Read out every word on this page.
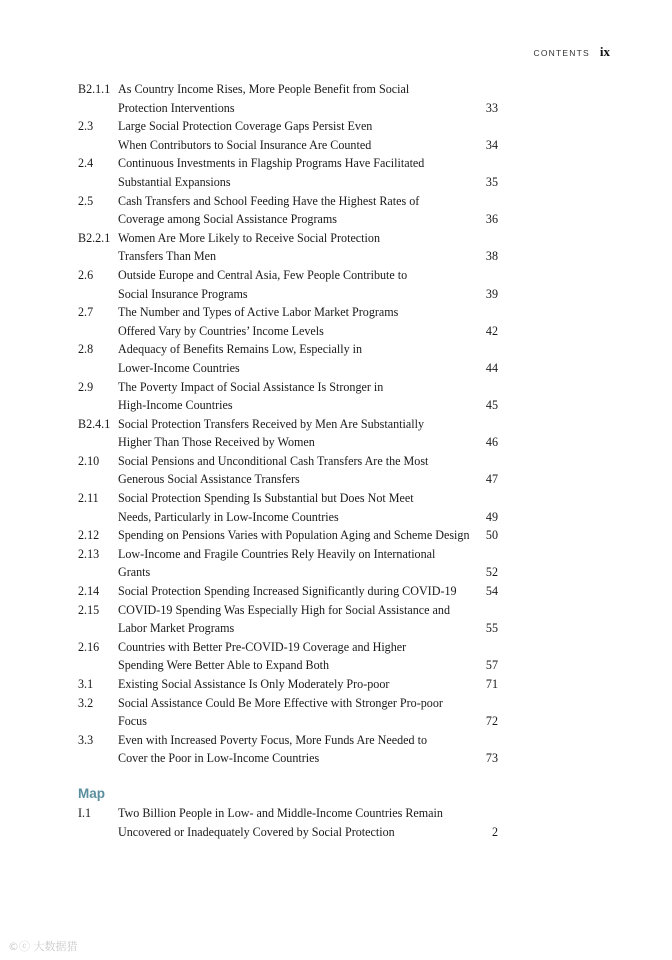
CONTENTS ix
B2.1.1 As Country Income Rises, More People Benefit from Social
Protection Interventions	33
2.3	Large Social Protection Coverage Gaps Persist Even
When Contributors to Social Insurance Are Counted	34
2.4	Continuous Investments in Flagship Programs Have Facilitated
Substantial Expansions	35
2.5	Cash Transfers and School Feeding Have the Highest Rates of
Coverage among Social Assistance Programs	36
B2.2.1 Women Are More Likely to Receive Social Protection
Transfers Than Men	38
2.6	Outside Europe and Central Asia, Few People Contribute to
Social Insurance Programs	39
2.7	The Number and Types of Active Labor Market Programs
Offered Vary by Countries’ Income Levels	42
2.8	Adequacy of Benefits Remains Low, Especially in
Lower-Income Countries	44
2.9	The Poverty Impact of Social Assistance Is Stronger in
High-Income Countries	45
B2.4.1 Social Protection Transfers Received by Men Are Substantially
Higher Than Those Received by Women	46
2.10	Social Pensions and Unconditional Cash Transfers Are the Most
Generous Social Assistance Transfers	47
2.11	Social Protection Spending Is Substantial but Does Not Meet
Needs, Particularly in Low-Income Countries	49
2.12	Spending on Pensions Varies with Population Aging and Scheme Design	50
2.13	Low-Income and Fragile Countries Rely Heavily on International Grants	52
2.14	Social Protection Spending Increased Significantly during COVID-19	54
2.15	COVID-19 Spending Was Especially High for Social Assistance and
Labor Market Programs	55
2.16	Countries with Better Pre-COVID-19 Coverage and Higher
Spending Were Better Able to Expand Both	57
3.1	Existing Social Assistance Is Only Moderately Pro-poor	71
3.2	Social Assistance Could Be More Effective with Stronger Pro-poor Focus	72
3.3	Even with Increased Poverty Focus, More Funds Are Needed to
Cover the Poor in Low-Income Countries	73
Map
I.1	Two Billion People in Low- and Middle-Income Countries Remain
Uncovered or Inadequately Covered by Social Protection	2
©ⓒ 大数据猎
